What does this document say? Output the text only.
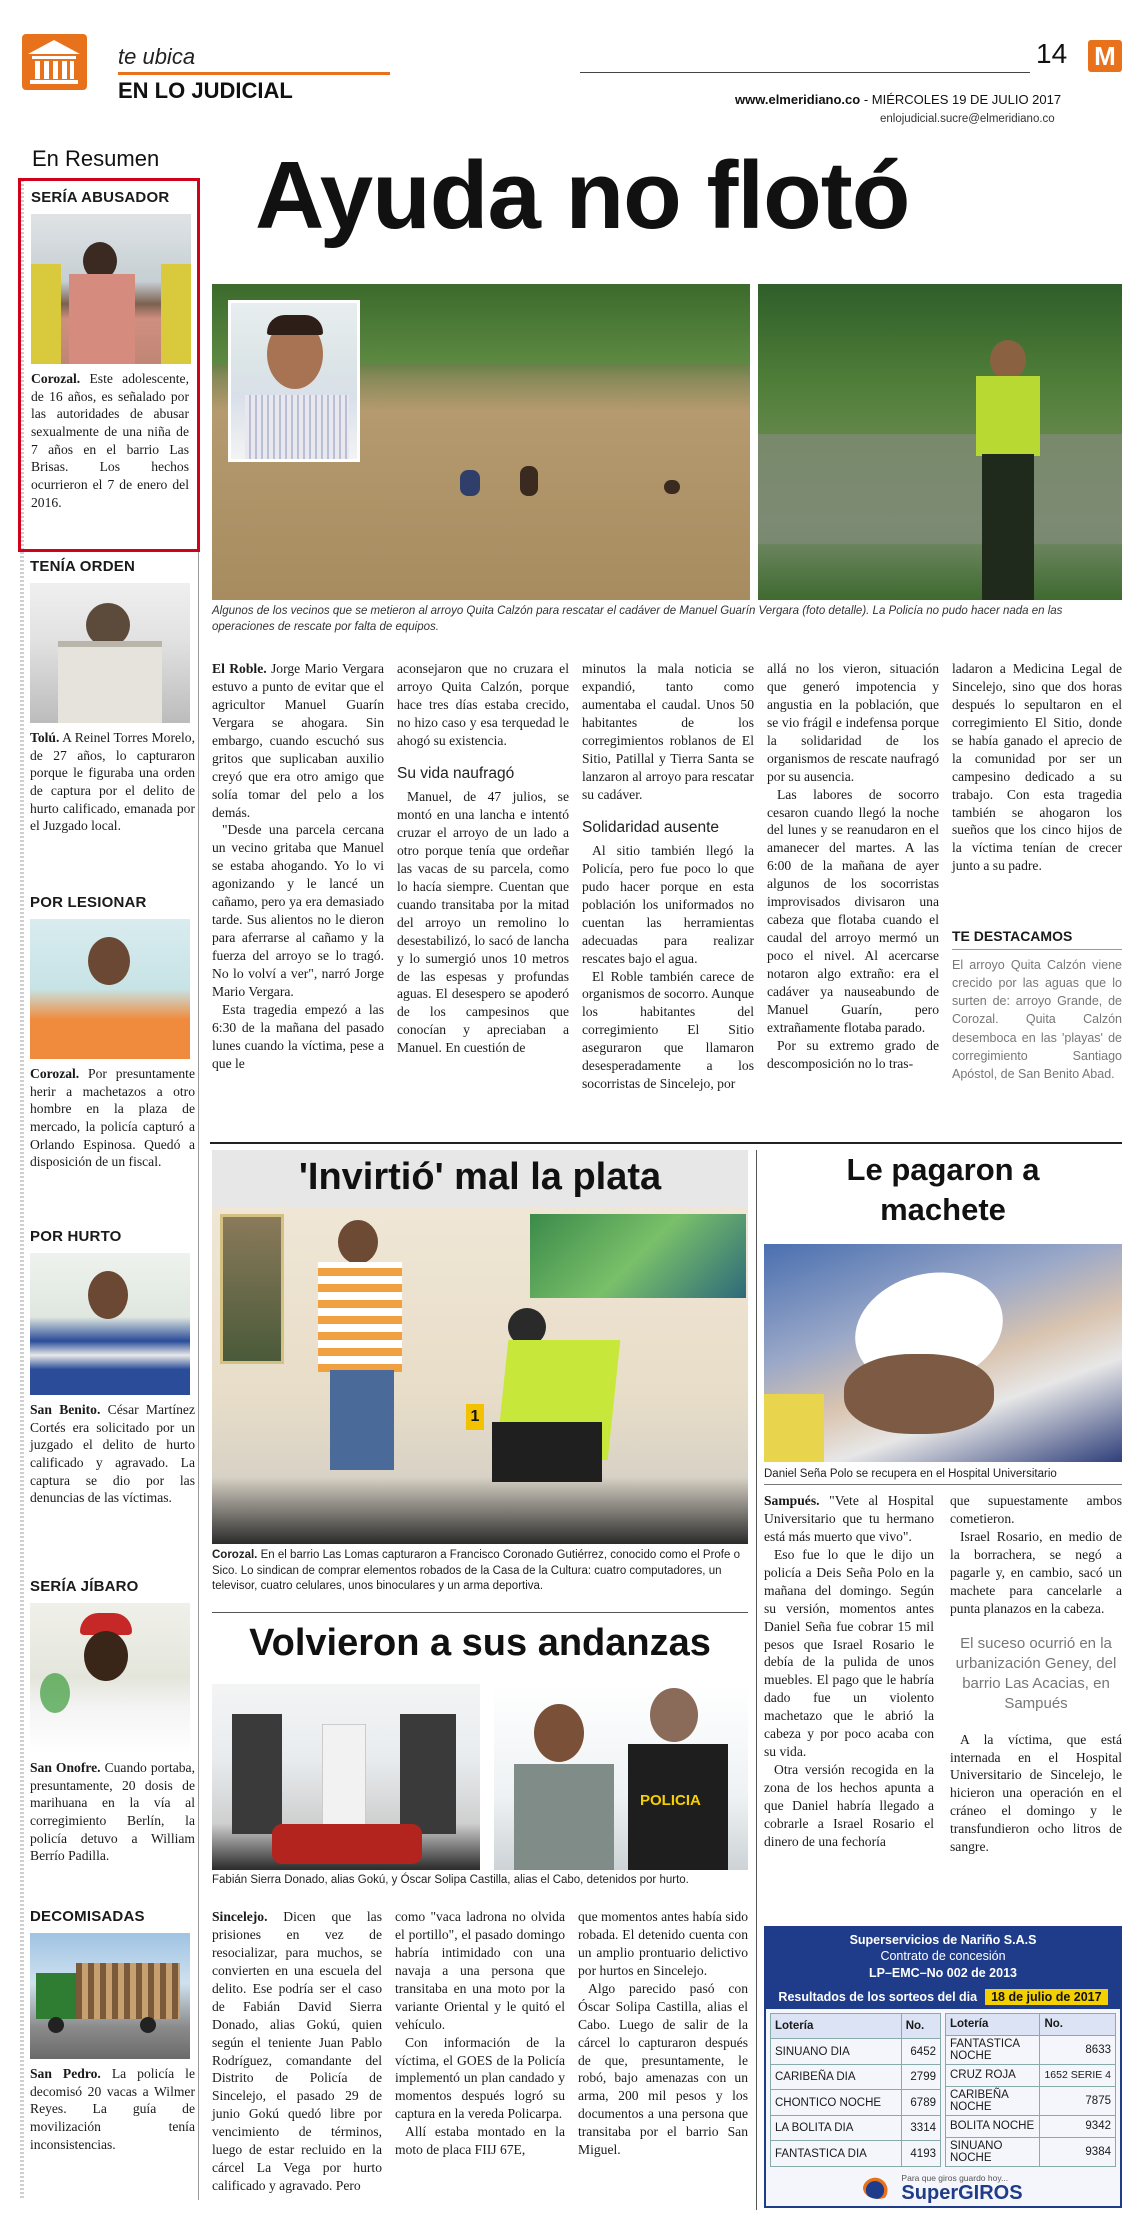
te ubica
EN LO JUDICIAL
14 M
www.elmeridiano.co - MIÉRCOLES 19 DE JULIO 2017
enlojudicial.sucre@elmeridiano.co
En Resumen
SERÍA ABUSADOR
Corozal. Este adolescente, de 16 años, es señalado por las autoridades de abusar sexualmente de una niña de 7 años en el barrio Las Brisas. Los hechos ocurrieron el 7 de enero del 2016.
TENÍA ORDEN
Tolú. A Reinel Torres Morelo, de 27 años, lo capturaron porque le figuraba una orden de captura por el delito de hurto calificado, emanada por el Juzgado local.
POR LESIONAR
Corozal. Por presuntamente herir a machetazos a otro hombre en la plaza de mercado, la policía capturó a Orlando Espinosa. Quedó a disposición de un fiscal.
POR HURTO
San Benito. César Martínez Cortés era solicitado por un juzgado el delito de hurto calificado y agravado. La captura se dio por las denuncias de las víctimas.
SERÍA JÍBARO
San Onofre. Cuando portaba, presuntamente, 20 dosis de marihuana en la vía al corregimiento Berlín, la policía detuvo a William Berrío Padilla.
DECOMISADAS
San Pedro. La policía le decomisó 20 vacas a Wilmer Reyes. La guía de movilización tenía inconsistencias.
Ayuda no flotó
Algunos de los vecinos que se metieron al arroyo Quita Calzón para rescatar el cadáver de Manuel Guarín Vergara (foto detalle). La Policía no pudo hacer nada en las operaciones de rescate por falta de equipos.

El Roble. Jorge Mario Vergara estuvo a punto de evitar que el agricultor Manuel Guarín Vergara se ahogara. Sin embargo, cuando escuchó sus gritos que suplicaban auxilio creyó que era otro amigo que solía tomar del pelo a los demás.

"Desde una parcela cercana un vecino gritaba que Manuel se estaba ahogando. Yo lo vi agonizando y le lancé un cañamo, pero ya era demasiado tarde. Sus alientos no le dieron para aferrarse al cañamo y la fuerza del arroyo se lo tragó. No lo volví a ver", narró Jorge Mario Vergara.

Esta tragedia empezó a las 6:30 de la mañana del pasado lunes cuando la víctima, pese a que le

aconsejaron que no cruzara el arroyo Quita Calzón, porque hace tres días estaba crecido, no hizo caso y esa terquedad le ahogó su existencia.

Su vida naufragó

Manuel, de 47 julios, se montó en una lancha e intentó cruzar el arroyo de un lado a otro porque tenía que ordeñar las vacas de su parcela, como lo hacía siempre. Cuentan que cuando transitaba por la mitad del arroyo un remolino lo desestabilizó, lo sacó de lancha y lo sumergió unos 10 metros de las espesas y profundas aguas. El desespero se apoderó de los campesinos que conocían y apreciaban a Manuel. En cuestión de

minutos la mala noticia se expandió, tanto como aumentaba el caudal. Unos 50 habitantes de los corregimientos roblanos de El Sitio, Patillal y Tierra Santa se lanzaron al arroyo para rescatar su cadáver.

Solidaridad ausente

Al sitio también llegó la Policía, pero fue poco lo que pudo hacer porque en esta población los uniformados no cuentan las herramientas adecuadas para realizar rescates bajo el agua.

El Roble también carece de organismos de socorro. Aunque los habitantes del corregimiento El Sitio aseguraron que llamaron desesperadamente a los socorristas de Sincelejo, por

allá no los vieron, situación que generó impotencia y angustia en la población, que se vio frágil e indefensa porque la solidaridad de los organismos de rescate naufragó por su ausencia.

Las labores de socorro cesaron cuando llegó la noche del lunes y se reanudaron en el amanecer del martes. A las 6:00 de la mañana de ayer algunos de los socorristas improvisados divisaron una cabeza que flotaba cuando el caudal del arroyo mermó un poco el nivel. Al acercarse notaron algo extraño: era el cadáver ya nauseabundo de Manuel Guarín, pero extrañamente flotaba parado.

Por su extremo grado de descomposición no lo tras-

ladaron a Medicina Legal de Sincelejo, sino que dos horas después lo sepultaron en el corregimiento El Sitio, donde se había ganado el aprecio de la comunidad por ser un campesino dedicado a su trabajo. Con esta tragedia también se ahogaron los sueños que los cinco hijos de la víctima tenían de crecer junto a su padre.

TE DESTACAMOS
El arroyo Quita Calzón viene crecido por las aguas que lo surten de: arroyo Grande, de Corozal. Quita Calzón desemboca en las 'playas' de corregimiento Santiago Apóstol, de San Benito Abad.
'Invirtió' mal la plata
1
Corozal. En el barrio Las Lomas capturaron a Francisco Coronado Gutiérrez, conocido como el Profe o Sico. Lo sindican de comprar elementos robados de la Casa de la Cultura: cuatro computadores, un televisor, cuatro celulares, unos binoculares y un arma deportiva.
Volvieron a sus andanzas
POLICIA
Fabián Sierra Donado, alias Gokú, y Óscar Solipa Castilla, alias el Cabo, detenidos por hurto.

Sincelejo. Dicen que las prisiones en vez de resocializar, para muchos, se convierten en una escuela del delito. Ese podría ser el caso de Fabián David Sierra Donado, alias Gokú, quien según el teniente Juan Pablo Rodríguez, comandante del Distrito de Policía de Sincelejo, el pasado 29 de junio Gokú quedó libre por vencimiento de términos, luego de estar recluido en la cárcel La Vega por hurto calificado y agravado. Pero

como "vaca ladrona no olvida el portillo", el pasado domingo habría intimidado con una navaja a una persona que transitaba en una moto por la variante Oriental y le quitó el vehículo.

Con información de la víctima, el GOES de la Policía implementó un plan candado y momentos después logró su captura en la vereda Policarpa.

Allí estaba montado en la moto de placa FIIJ 67E,

que momentos antes había sido robada. El detenido cuenta con un amplio prontuario delictivo por hurtos en Sincelejo.

Algo parecido pasó con Óscar Solipa Castilla, alias el Cabo. Luego de salir de la cárcel lo capturaron después de que, presuntamente, le robó, bajo amenazas con un arma, 200 mil pesos y los documentos a una persona que transitaba por el barrio San Miguel.

Le pagaron a
machete
Daniel Seña Polo se recupera en el Hospital Universitario

Sampués. "Vete al Hospital Universitario que tu hermano está más muerto que vivo".

Eso fue lo que le dijo un policía a Deis Seña Polo en la mañana del domingo. Según su versión, momentos antes Daniel Seña fue cobrar 15 mil pesos que Israel Rosario le debía de la pulida de unos muebles. El pago que le habría dado fue un violento machetazo que le abrió la cabeza y por poco acaba con su vida.

Otra versión recogida en la zona de los hechos apunta a que Daniel habría llegado a cobrarle a Israel Rosario el dinero de una fechoría

que supuestamente ambos cometieron.

Israel Rosario, en medio de la borrachera, se negó a pagarle y, en cambio, sacó un machete para cancelarle a punta planazos en la cabeza.

El suceso ocurrió en la urbanización Geney, del barrio Las Acacias, en Sampués

A la víctima, que está internada en el Hospital Universitario de Sincelejo, le hicieron una operación en el cráneo el domingo y le transfundieron ocho litros de sangre.

Superservicios de Nariño S.A.S
Contrato de concesión
LP–EMC–No 002 de 2013
Resultados de los sorteos del dia	18 de julio de 2017
Lotería	No.
SINUANO DIA	6452
CARIBEÑA DIA	2799
CHONTICO NOCHE	6789
LA BOLITA DIA	3314
FANTASTICA DIA	4193
Lotería	No.
FANTASTICA NOCHE	8633
CRUZ ROJA	1652 SERIE 4
CARIBEÑA NOCHE	7875
BOLITA NOCHE	9342
SINUANO NOCHE	9384
Para que giros guardo hoy...
SuperGIROS
